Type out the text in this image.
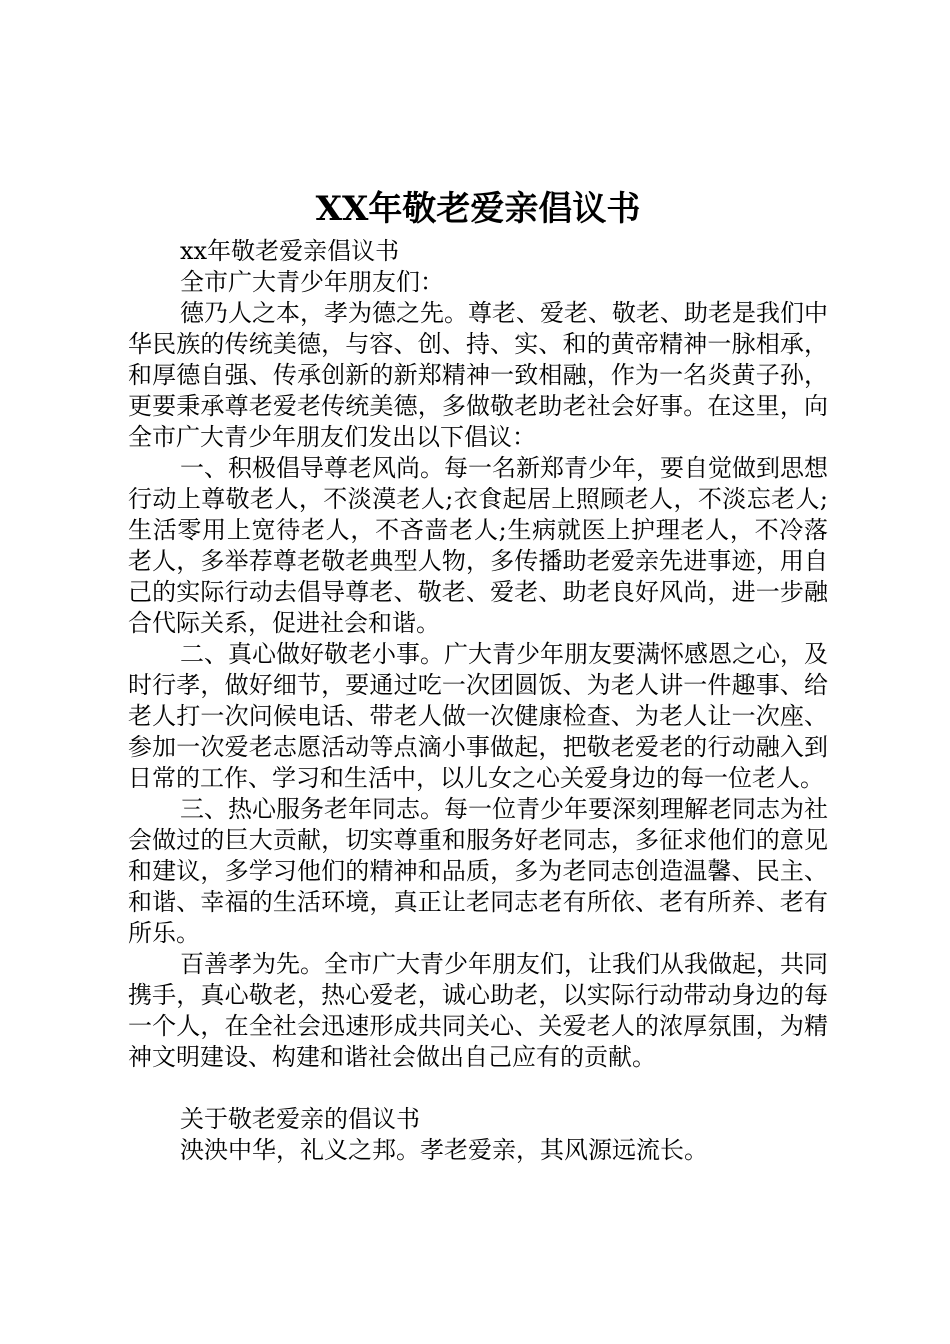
XX年敬老爱亲倡议书

xx年敬老爱亲倡议书

全市广大青少年朋友们：

德乃人之本，孝为德之先。尊老、爱老、敬老、助老是我们中华民族的传统美德，与容、创、持、实、和的黄帝精神一脉相承，和厚德自强、传承创新的新郑精神一致相融，作为一名炎黄子孙，更要秉承尊老爱老传统美德，多做敬老助老社会好事。在这里，向全市广大青少年朋友们发出以下倡议：

一、积极倡导尊老风尚。每一名新郑青少年，要自觉做到思想行动上尊敬老人，不淡漠老人;衣食起居上照顾老人，不淡忘老人;生活零用上宽待老人，不吝啬老人;生病就医上护理老人，不冷落老人，多举荐尊老敬老典型人物，多传播助老爱亲先进事迹，用自己的实际行动去倡导尊老、敬老、爱老、助老良好风尚，进一步融合代际关系，促进社会和谐。

二、真心做好敬老小事。广大青少年朋友要满怀感恩之心，及时行孝，做好细节，要通过吃一次团圆饭、为老人讲一件趣事、给老人打一次问候电话、带老人做一次健康检查、为老人让一次座、参加一次爱老志愿活动等点滴小事做起，把敬老爱老的行动融入到日常的工作、学习和生活中，以儿女之心关爱身边的每一位老人。

三、热心服务老年同志。每一位青少年要深刻理解老同志为社会做过的巨大贡献，切实尊重和服务好老同志，多征求他们的意见和建议，多学习他们的精神和品质，多为老同志创造温馨、民主、和谐、幸福的生活环境，真正让老同志老有所依、老有所养、老有所乐。

百善孝为先。全市广大青少年朋友们，让我们从我做起，共同携手，真心敬老，热心爱老，诚心助老，以实际行动带动身边的每一个人，在全社会迅速形成共同关心、关爱老人的浓厚氛围，为精神文明建设、构建和谐社会做出自己应有的贡献。

关于敬老爱亲的倡议书

泱泱中华，礼义之邦。孝老爱亲，其风源远流长。
